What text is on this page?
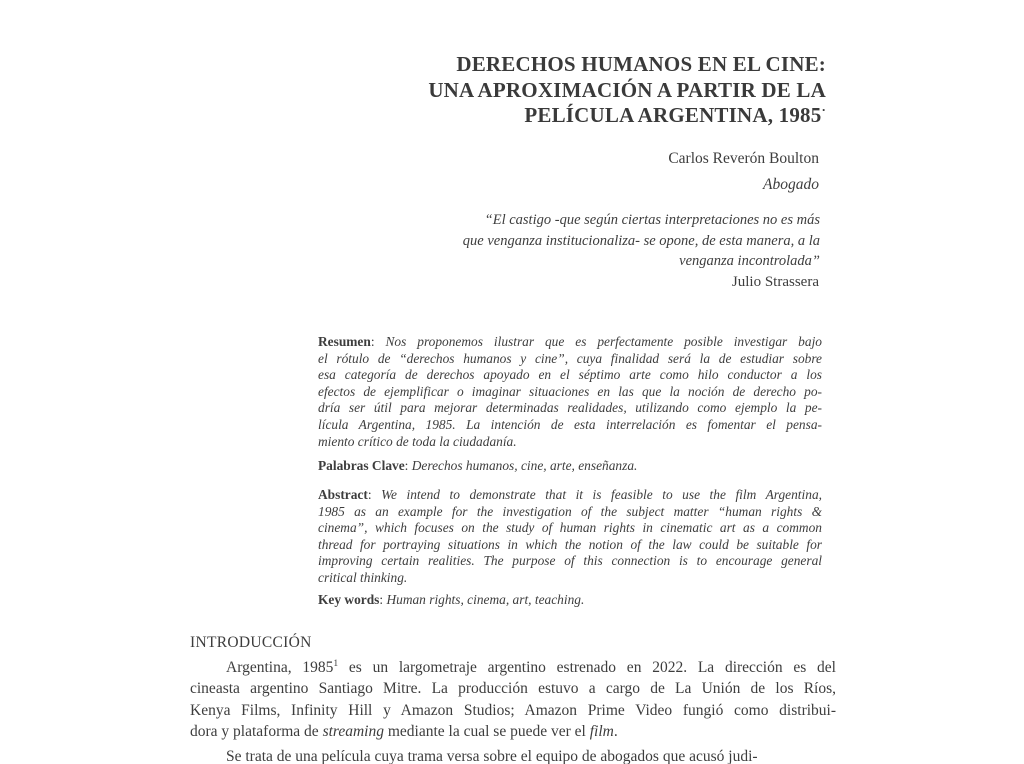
DERECHOS HUMANOS EN EL CINE:
UNA APROXIMACIÓN A PARTIR DE LA
PELÍCULA ARGENTINA, 1985·
Carlos Reverón Boulton
Abogado
“El castigo -que según ciertas interpretaciones no es más
que venganza institucionaliza- se opone, de esta manera, a la
venganza incontrolada”
Julio Strassera
Resumen: Nos proponemos ilustrar que es perfectamente posible investigar bajo
el rótulo de “derechos humanos y cine”, cuya finalidad será la de estudiar sobre
esa categoría de derechos apoyado en el séptimo arte como hilo conductor a los
efectos de ejemplificar o imaginar situaciones en las que la noción de derecho po-
dría ser útil para mejorar determinadas realidades, utilizando como ejemplo la pe-
lícula Argentina, 1985. La intención de esta interrelación es fomentar el pensa-
miento crítico de toda la ciudadanía.
Palabras Clave: Derechos humanos, cine, arte, enseñanza.
Abstract: We intend to demonstrate that it is feasible to use the film Argentina,
1985 as an example for the investigation of the subject matter “human rights &
cinema”, which focuses on the study of human rights in cinematic art as a common
thread for portraying situations in which the notion of the law could be suitable for
improving certain realities. The purpose of this connection is to encourage general
critical thinking.
Key words: Human rights, cinema, art, teaching.
INTRODUCCIÓN
Argentina, 1985$^1$ es un largometraje argentino estrenado en 2022. La dirección es del
cineasta argentino Santiago Mitre. La producción estuvo a cargo de La Unión de los Ríos,
Kenya Films, Infinity Hill y Amazon Studios; Amazon Prime Video fungió como distribui-
dora y plataforma de streaming mediante la cual se puede ver el film.
Se trata de una película cuya trama versa sobre el equipo de abogados que acusó judi-
